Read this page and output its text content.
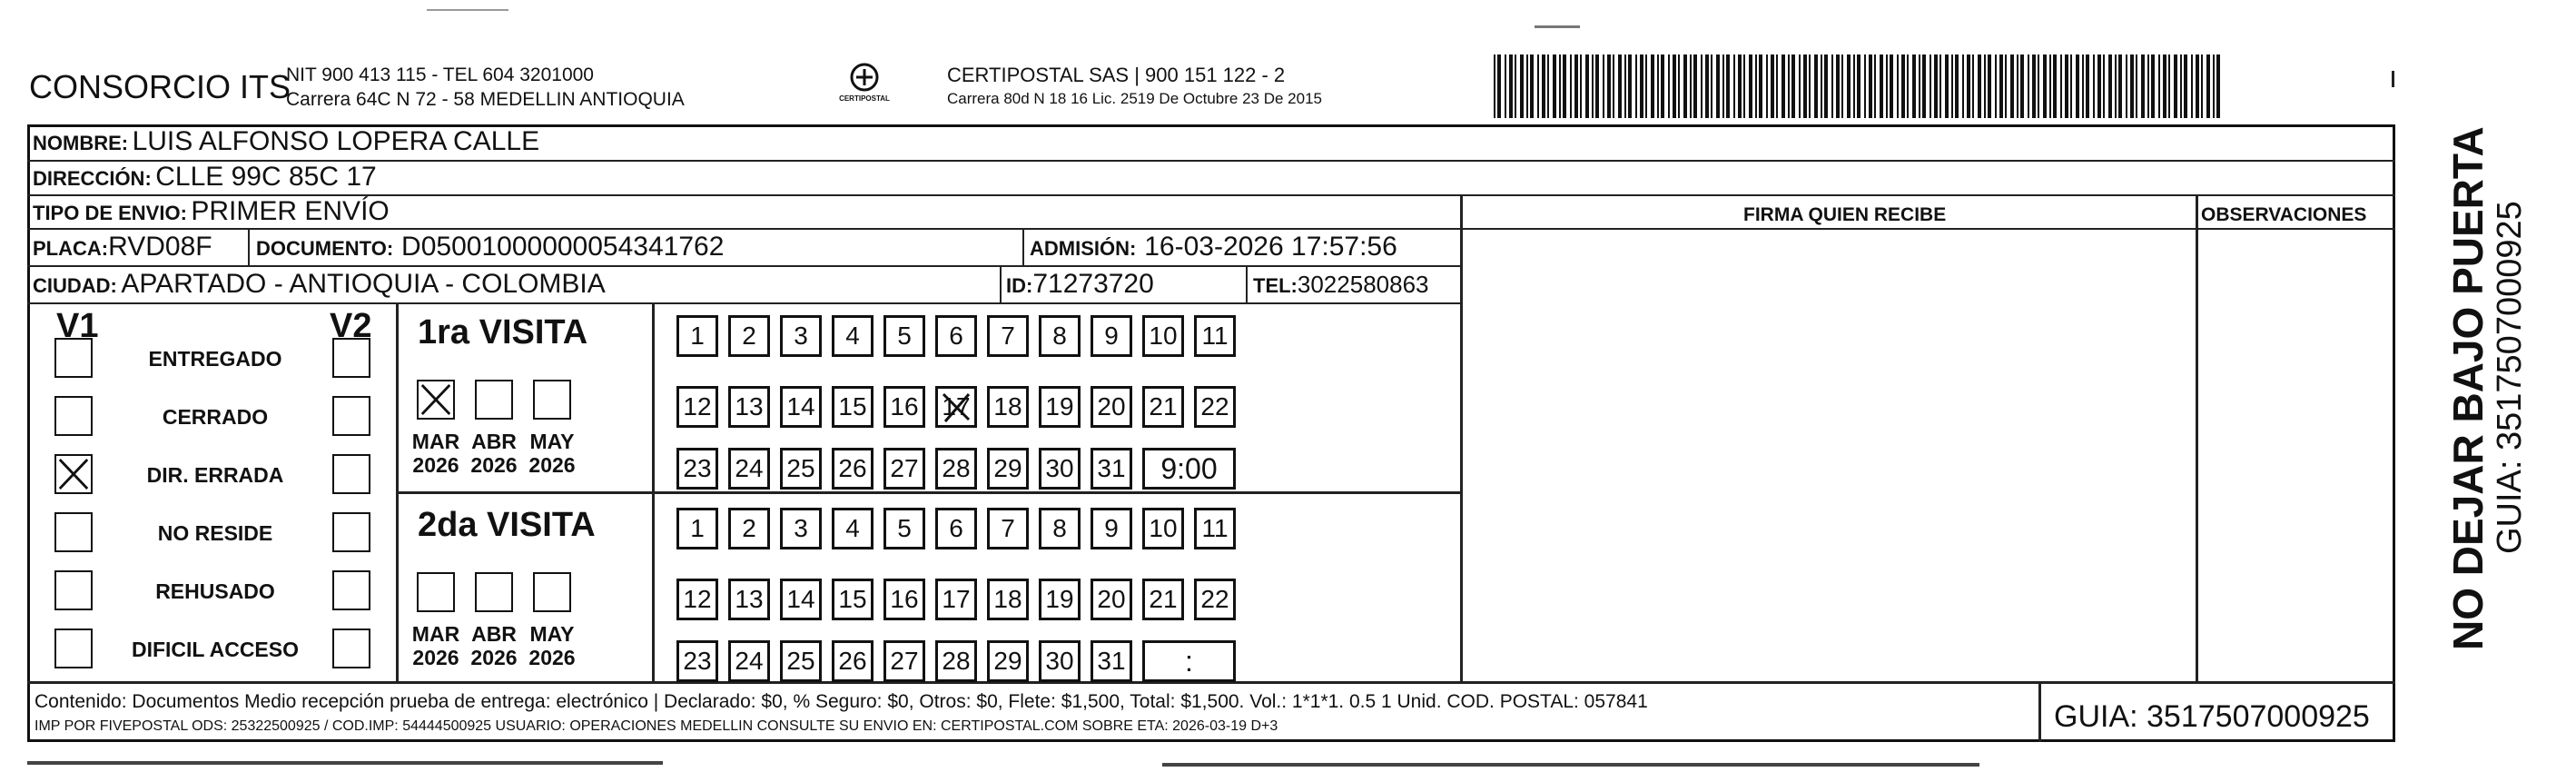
CONSORCIO ITS
NIT 900 413 115 - TEL 604 3201000
Carrera 64C N 72 - 58 MEDELLIN ANTIOQUIA	CERTIPOSTAL
CERTIPOSTAL SAS | 900 151 122 - 2
Carrera 80d N 18 16 Lic. 2519 De Octubre 23 De 2015
NOMBRE: LUIS ALFONSO LOPERA CALLE
DIRECCIÓN: CLLE 99C 85C 17
TIPO DE ENVIO: PRIMER ENVÍO	FIRMA QUIEN RECIBE	OBSERVACIONES
PLACA:RVD08F DOCUMENTO: D05001000000054341762	ADMISIÓN: 16-03-2026 17:57:56
CIUDAD: APARTADO - ANTIOQUIA - COLOMBIA	ID:71273720	TEL:3022580863
V1	V2
ENTREGADO
CERRADO
DIR. ERRADA
NO RESIDE
REHUSADO
DIFICIL ACCESO
1ra VISITA
MAR
2026
ABR
2026
MAY
2026
1	2	3	4	5	6	7	8	9	10 11
12 13 14 15 16 17 18 19 20 21 22
23 24 25 26 27 28 29 30 31	9:00
2da VISITA
MAR
2026
ABR
2026
MAY
2026
1	2	3	4	5	6	7	8	9	10 11
12 13 14 15 16 17 18 19 20 21 22
23 24 25 26 27 28 29 30 31	:
Contenido: Documentos Medio recepción prueba de entrega: electrónico | Declarado: $0, % Seguro: $0, Otros: $0, Flete: $1,500, Total: $1,500. Vol.: 1*1*1. 0.5 1 Unid. COD. POSTAL: 057841
IMP POR FIVEPOSTAL ODS: 25322500925 / COD.IMP: 54444500925 USUARIO: OPERACIONES MEDELLIN CONSULTE SU ENVIO EN: CERTIPOSTAL.COM SOBRE ETA: 2026-03-19 D+3	GUIA: 3517507000925
NO DEJAR BAJO PUERTA GUIA: 3517507000925
